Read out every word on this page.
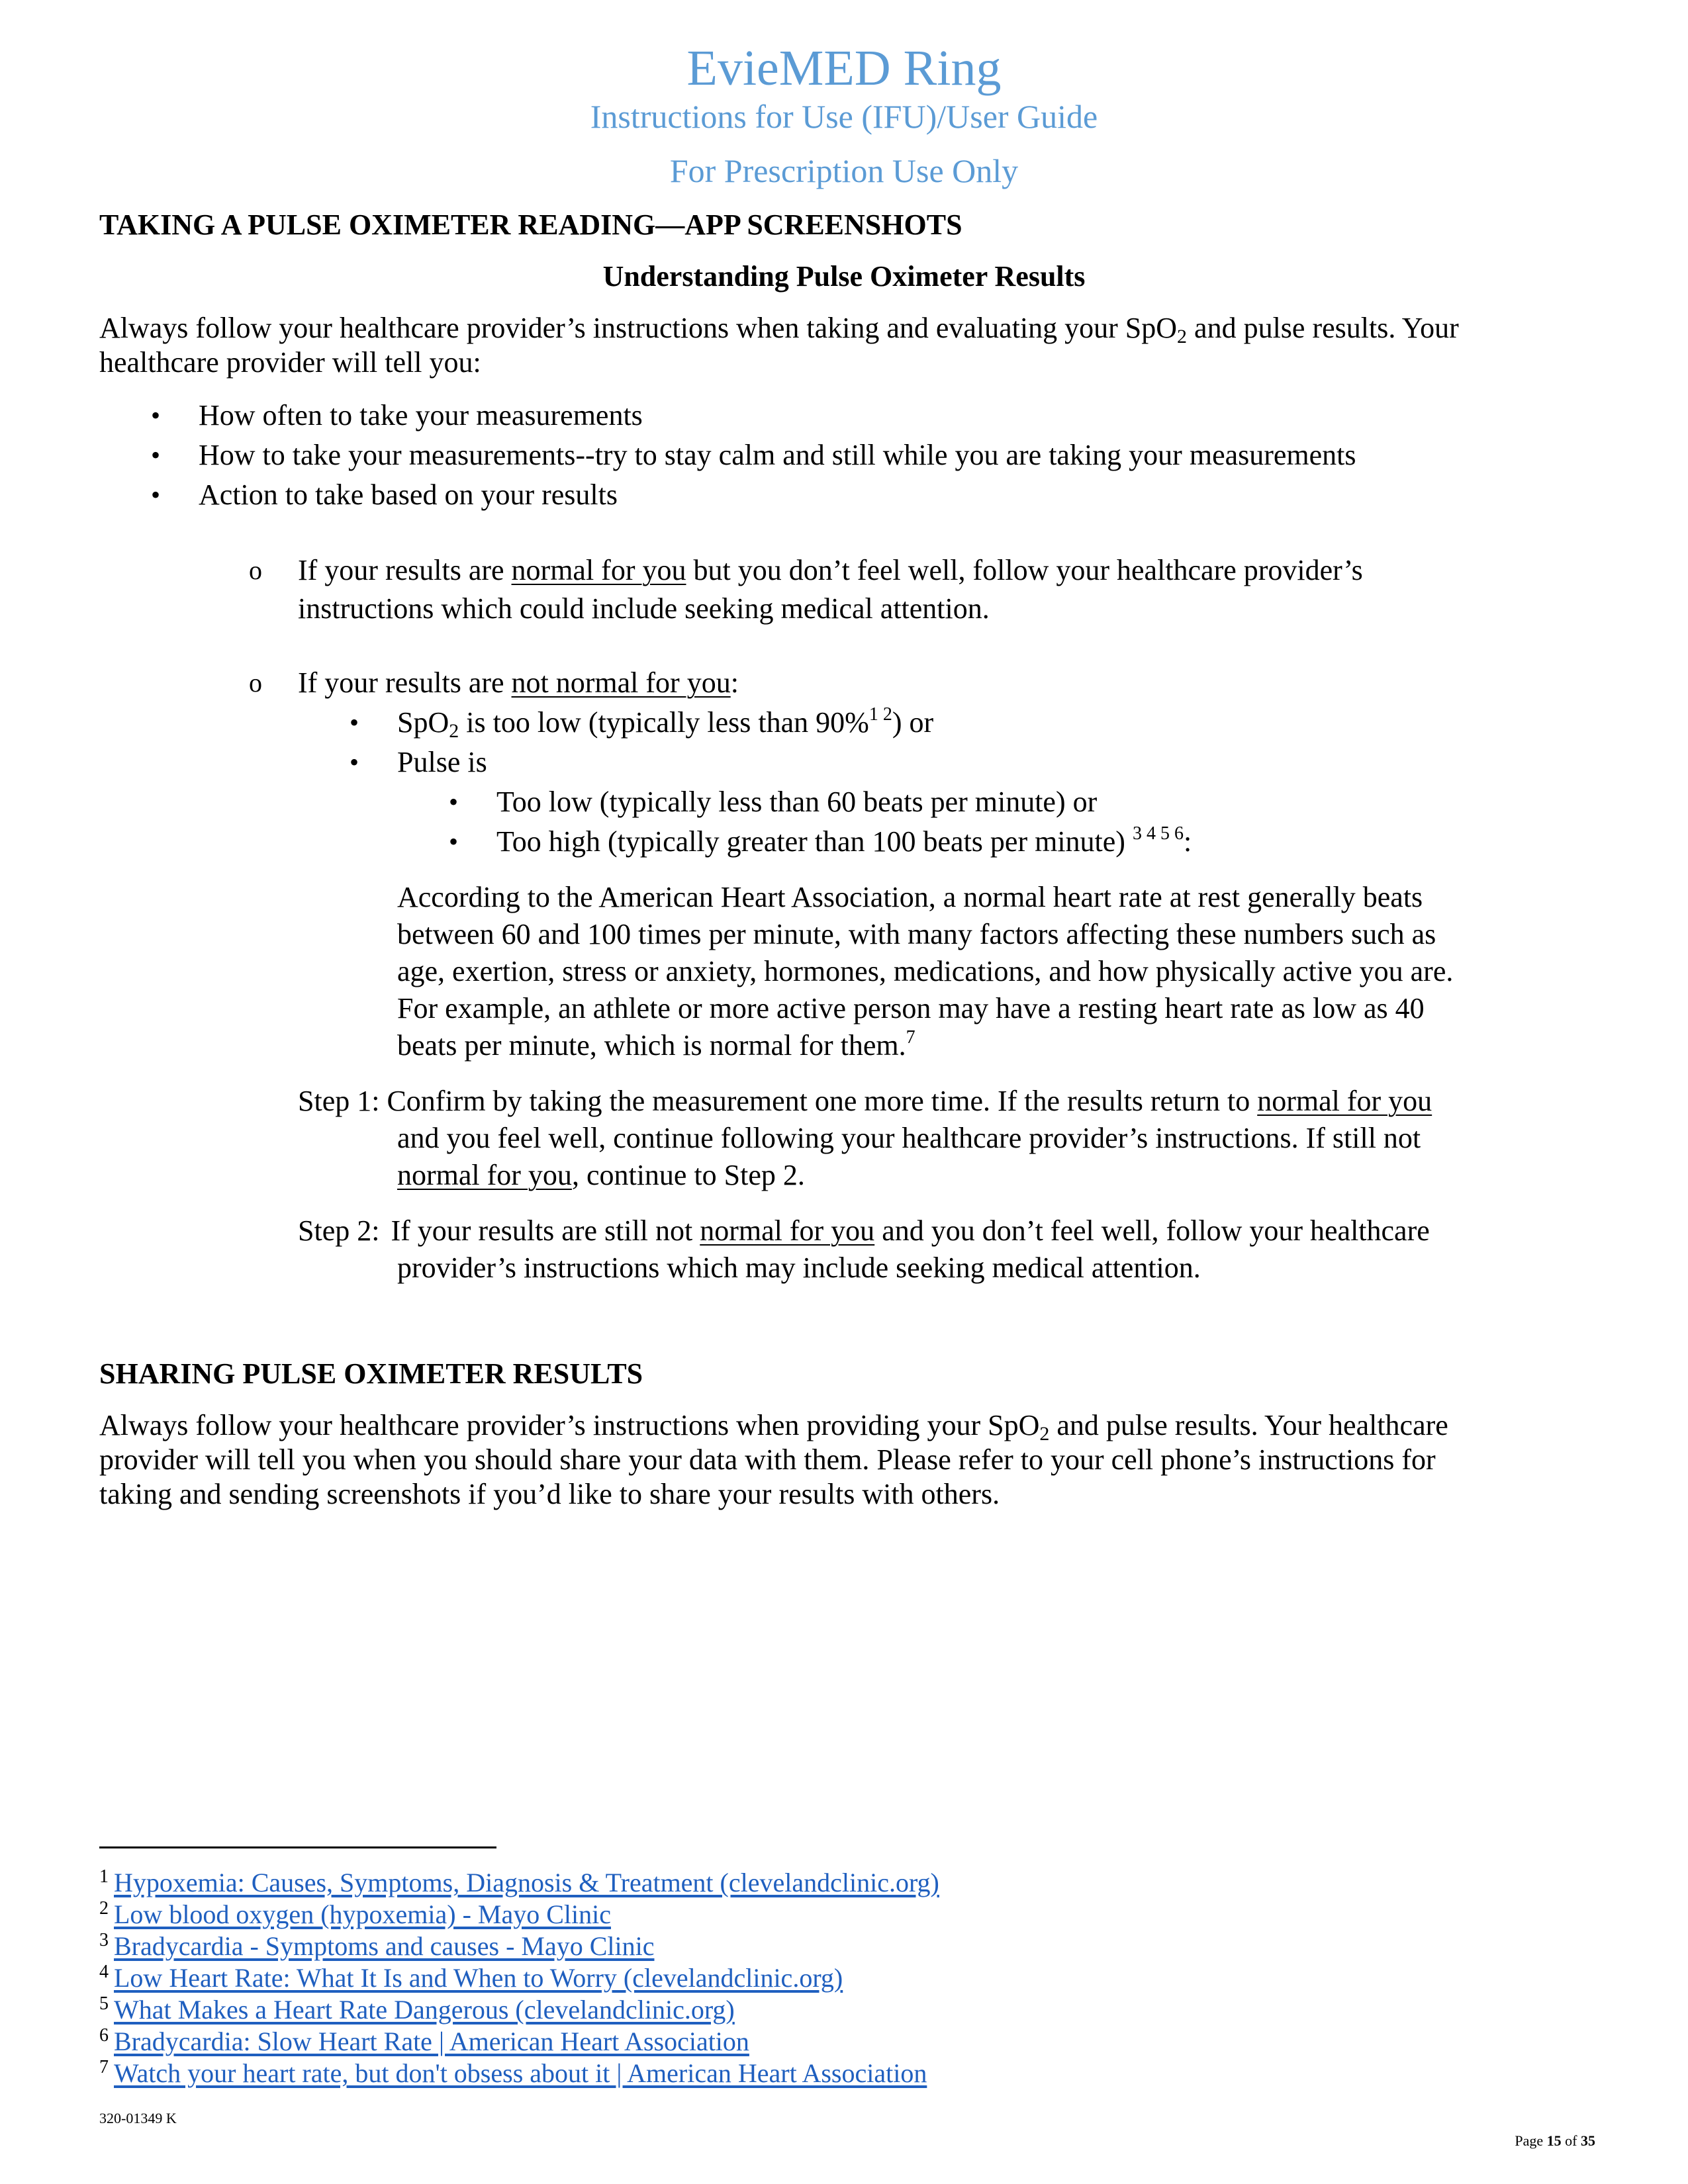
EvieMED Ring
Instructions for Use (IFU)/User Guide
For Prescription Use Only
TAKING A PULSE OXIMETER READING—APP SCREENSHOTS
Understanding Pulse Oximeter Results
Always follow your healthcare provider’s instructions when taking and evaluating your SpO$_2$ and pulse results. Your
healthcare provider will tell you:
• How often to take your measurements
• How to take your measurements--try to stay calm and still while you are taking your measurements
• Action to take based on your results
o If your results are normal for you but you don’t feel well, follow your healthcare provider’s
instructions which could include seeking medical attention.
o If your results are not normal for you:
• SpO$_2$ is too low (typically less than 90%$^{1 2}$) or
• Pulse is
• Too low (typically less than 60 beats per minute) or
• Too high (typically greater than 100 beats per minute) $^{3 4 5 6}$:
According to the American Heart Association, a normal heart rate at rest generally beats
between 60 and 100 times per minute, with many factors affecting these numbers such as
age, exertion, stress or anxiety, hormones, medications, and how physically active you are.
For example, an athlete or more active person may have a resting heart rate as low as 40
beats per minute, which is normal for them.$^7$
Step 1: Confirm by taking the measurement one more time. If the results return to normal for you
and you feel well, continue following your healthcare provider’s instructions. If still not
normal for you, continue to Step 2.
Step 2: If your results are still not normal for you and you don’t feel well, follow your healthcare
provider’s instructions which may include seeking medical attention.
SHARING PULSE OXIMETER RESULTS
Always follow your healthcare provider’s instructions when providing your SpO$_2$ and pulse results. Your healthcare
provider will tell you when you should share your data with them. Please refer to your cell phone’s instructions for
taking and sending screenshots if you’d like to share your results with others.
$^1$ Hypoxemia: Causes, Symptoms, Diagnosis & Treatment (clevelandclinic.org)
$^2$ Low blood oxygen (hypoxemia) - Mayo Clinic
$^3$ Bradycardia - Symptoms and causes - Mayo Clinic
$^4$ Low Heart Rate: What It Is and When to Worry (clevelandclinic.org)
$^5$ What Makes a Heart Rate Dangerous (clevelandclinic.org)
$^6$ Bradycardia: Slow Heart Rate | American Heart Association
$^7$ Watch your heart rate, but don't obsess about it | American Heart Association
320-01349 K
Page 15 of 35
